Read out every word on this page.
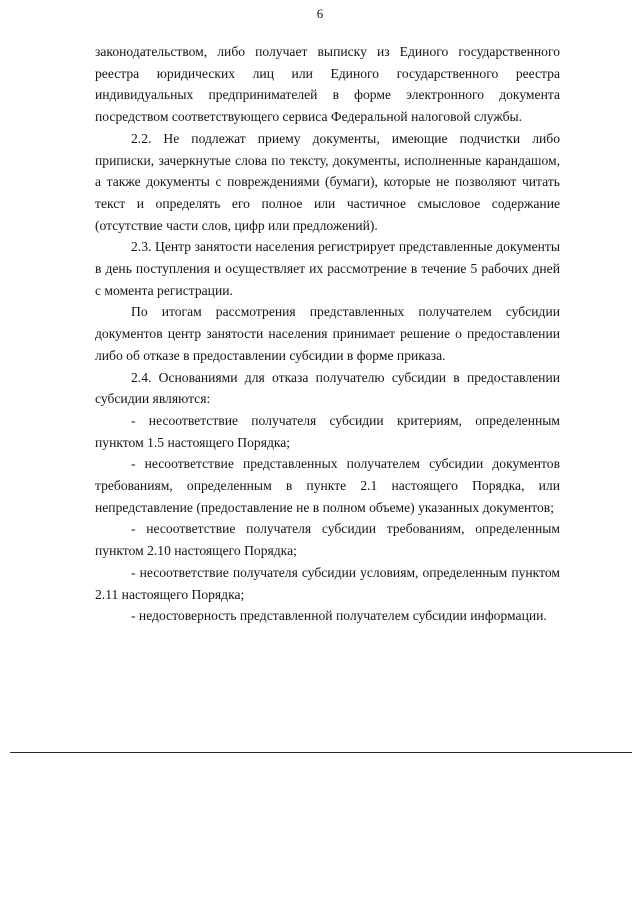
6

законодательством, либо получает выписку из Единого государственного реестра юридических лиц или Единого государственного реестра индивидуальных предпринимателей в форме электронного документа посредством соответствующего сервиса Федеральной налоговой службы.

2.2. Не подлежат приему документы, имеющие подчистки либо приписки, зачеркнутые слова по тексту, документы, исполненные карандашом, а также документы с повреждениями (бумаги), которые не позволяют читать текст и определять его полное или частичное смысловое содержание (отсутствие части слов, цифр или предложений).

2.3. Центр занятости населения регистрирует представленные документы в день поступления и осуществляет их рассмотрение в течение 5 рабочих дней с момента регистрации.

По итогам рассмотрения представленных получателем субсидии документов центр занятости населения принимает решение о предоставлении либо об отказе в предоставлении субсидии в форме приказа.

2.4. Основаниями для отказа получателю субсидии в предоставлении субсидии являются:

- несоответствие получателя субсидии критериям, определенным пунктом 1.5 настоящего Порядка;

- несоответствие представленных получателем субсидии документов требованиям, определенным в пункте 2.1 настоящего Порядка, или непредставление (предоставление не в полном объеме) указанных документов;

- несоответствие получателя субсидии требованиям, определенным пунктом 2.10 настоящего Порядка;

- несоответствие получателя субсидии условиям, определенным пунктом 2.11 настоящего Порядка;

- недостоверность представленной получателем субсидии информации.
